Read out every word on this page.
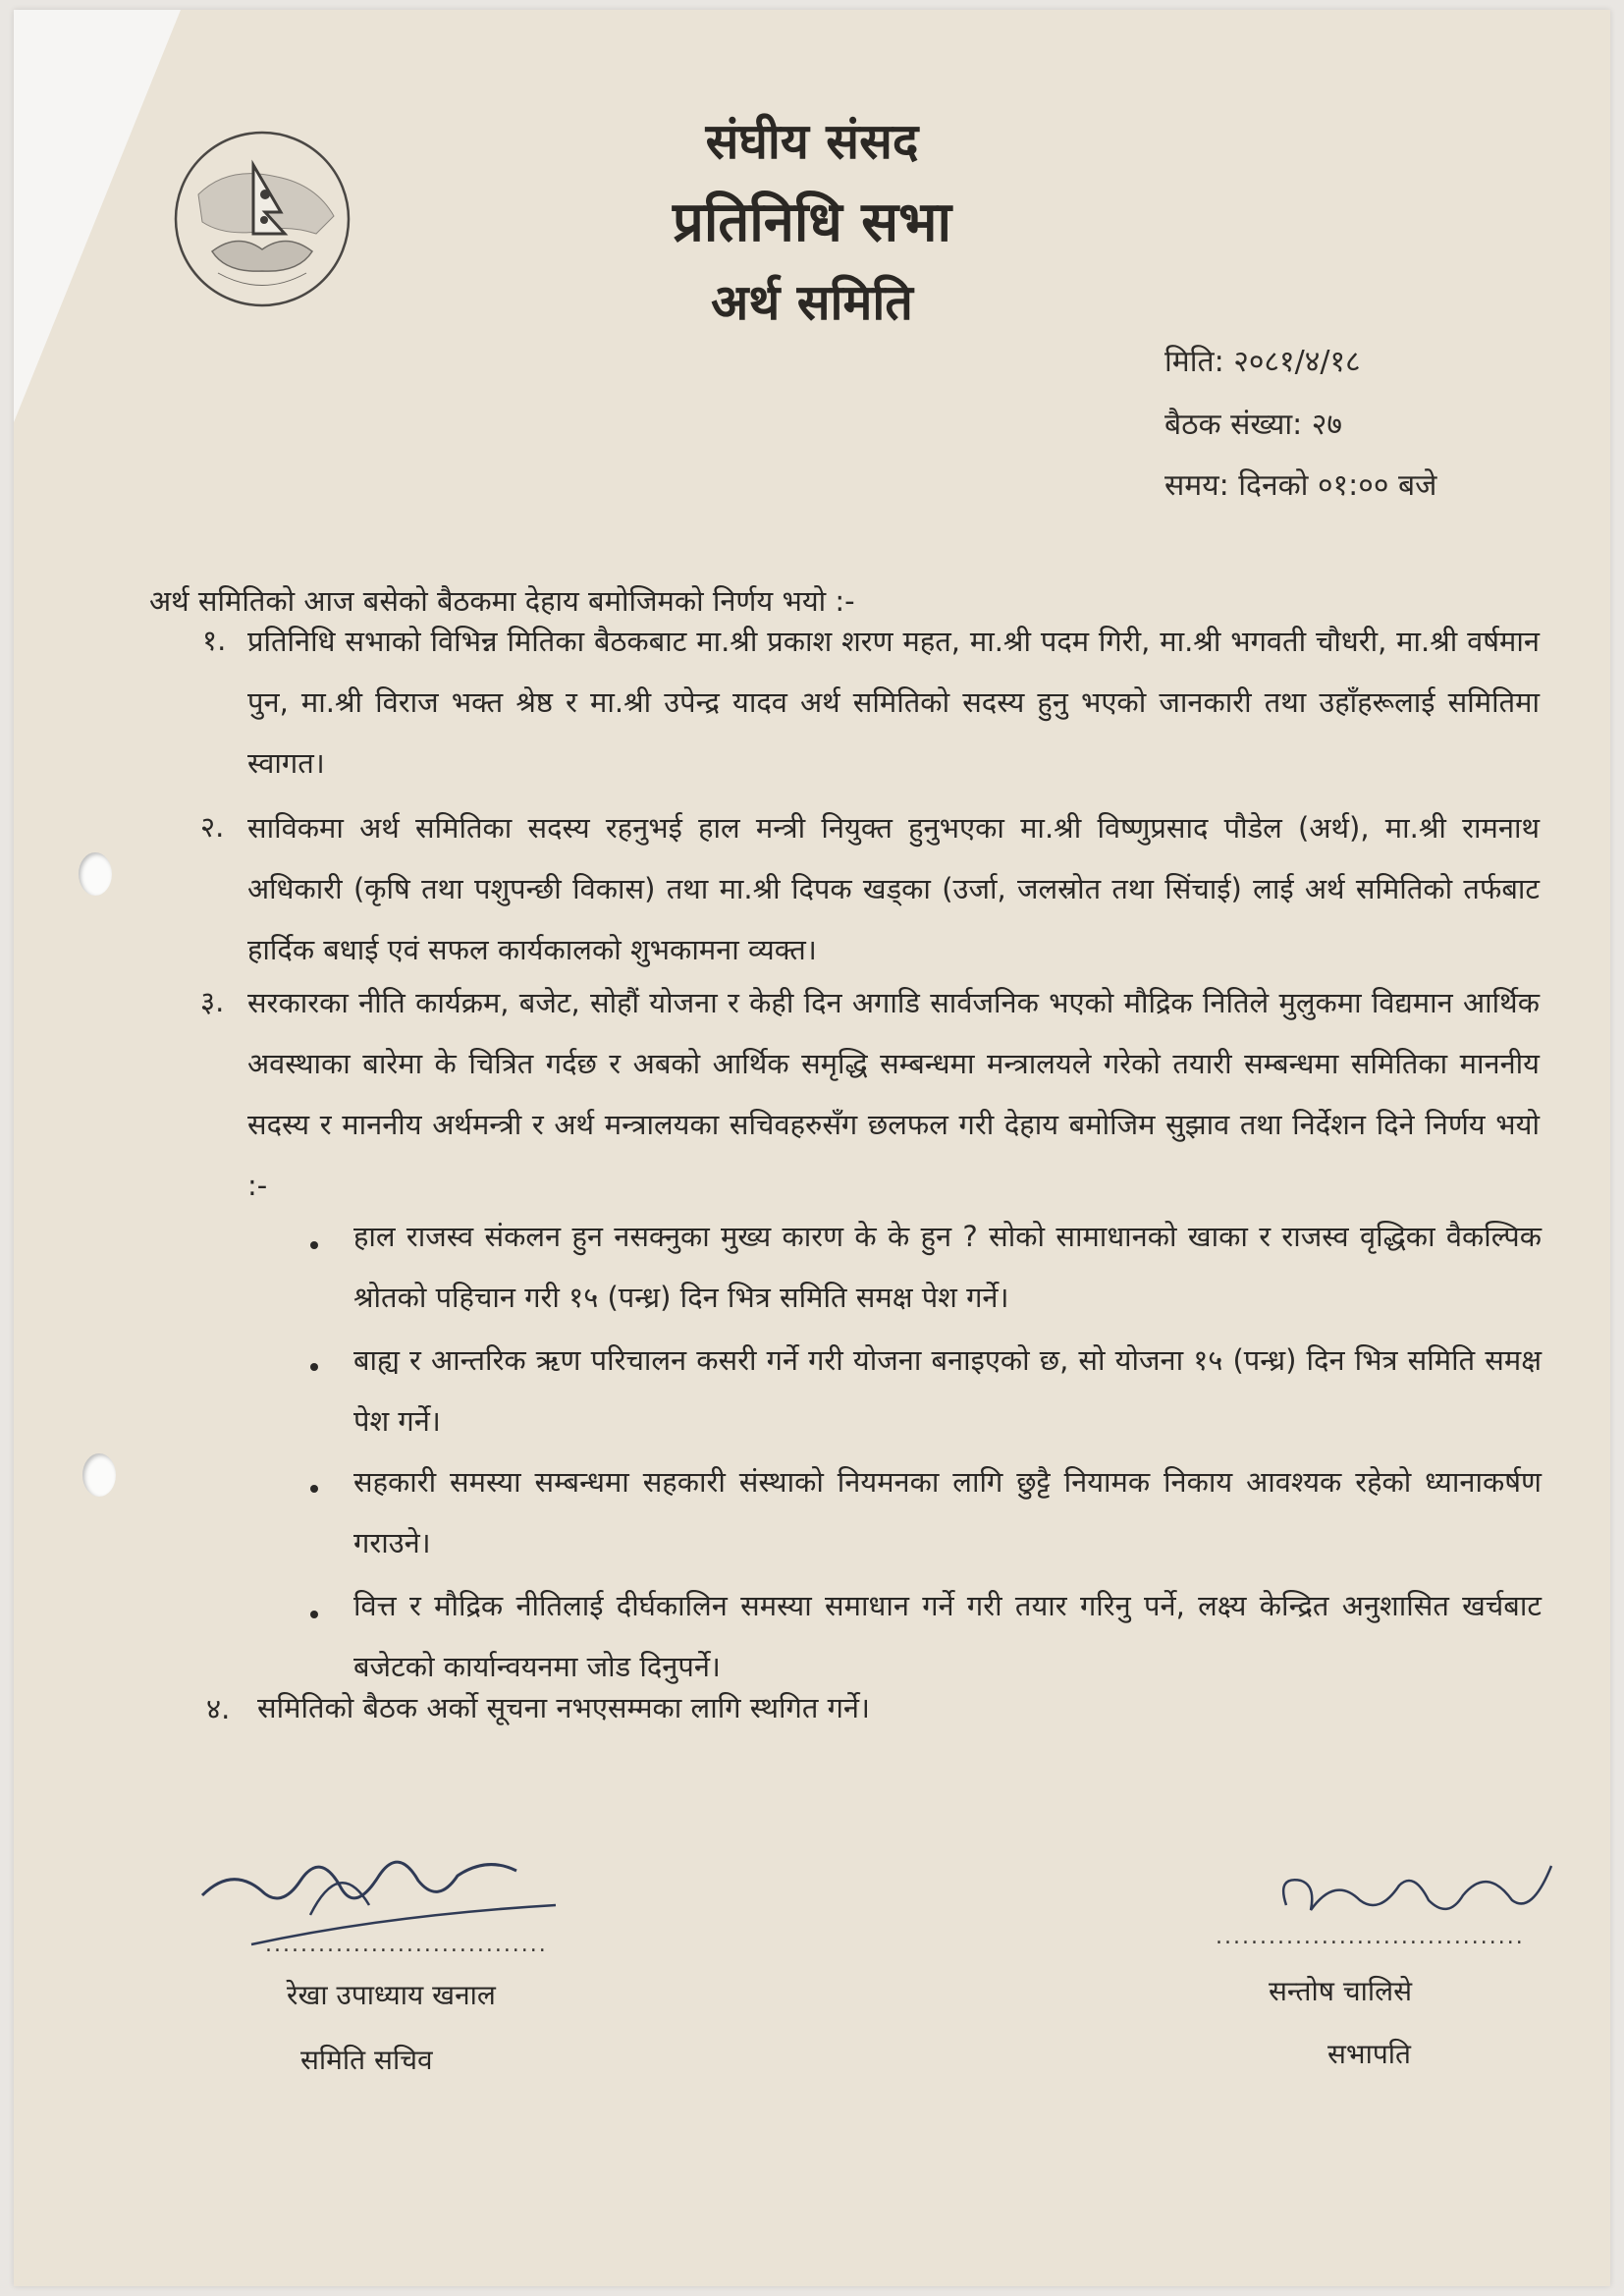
संघीय संसद
प्रतिनिधि सभा
अर्थ समिति
मिति: २०८१/४/१८
बैठक संख्या: २७
समय: दिनको ०१:०० बजे
अर्थ समितिको आज बसेको बैठकमा देहाय बमोजिमको निर्णय भयो :-
१. प्रतिनिधि सभाको विभिन्न मितिका बैठकबाट मा.श्री प्रकाश शरण महत, मा.श्री पदम गिरी, मा.श्री भगवती चौधरी, मा.श्री वर्षमान पुन, मा.श्री विराज भक्त श्रेष्ठ र मा.श्री उपेन्द्र यादव अर्थ समितिको सदस्य हुनु भएको जानकारी तथा उहाँहरूलाई समितिमा स्वागत।
२. साविकमा अर्थ समितिका सदस्य रहनुभई हाल मन्त्री नियुक्त हुनुभएका मा.श्री विष्णुप्रसाद पौडेल (अर्थ), मा.श्री रामनाथ अधिकारी (कृषि तथा पशुपन्छी विकास) तथा मा.श्री दिपक खड्का (उर्जा, जलस्रोत तथा सिंचाई) लाई अर्थ समितिको तर्फबाट हार्दिक बधाई एवं सफल कार्यकालको शुभकामना व्यक्त।
३. सरकारका नीति कार्यक्रम, बजेट, सोहौं योजना र केही दिन अगाडि सार्वजनिक भएको मौद्रिक नितिले मुलुकमा विद्यमान आर्थिक अवस्थाका बारेमा के चित्रित गर्दछ र अबको आर्थिक समृद्धि सम्बन्धमा मन्त्रालयले गरेको तयारी सम्बन्धमा समितिका माननीय सदस्य र माननीय अर्थमन्त्री र अर्थ मन्त्रालयका सचिवहरुसँग छलफल गरी देहाय बमोजिम सुझाव तथा निर्देशन दिने निर्णय भयो :-
हाल राजस्व संकलन हुन नसक्नुका मुख्य कारण के के हुन ? सोको सामाधानको खाका र राजस्व वृद्धिका वैकल्पिक श्रोतको पहिचान गरी १५ (पन्ध्र) दिन भित्र समिति समक्ष पेश गर्ने।
बाह्य र आन्तरिक ऋण परिचालन कसरी गर्ने गरी योजना बनाइएको छ, सो योजना १५ (पन्ध्र) दिन भित्र समिति समक्ष पेश गर्ने।
सहकारी समस्या सम्बन्धमा सहकारी संस्थाको नियमनका लागि छुट्टै नियामक निकाय आवश्यक रहेको ध्यानाकर्षण गराउने।
वित्त र मौद्रिक नीतिलाई दीर्घकालिन समस्या समाधान गर्ने गरी तयार गरिनु पर्ने, लक्ष्य केन्द्रित अनुशासित खर्चबाट बजेटको कार्यान्वयनमा जोड दिनुपर्ने।
४. समितिको बैठक अर्को सूचना नभएसम्मका लागि स्थगित गर्ने।
................................	...................................
रेखा उपाध्याय खनाल
समिति सचिव
सन्तोष चालिसे
सभापति
